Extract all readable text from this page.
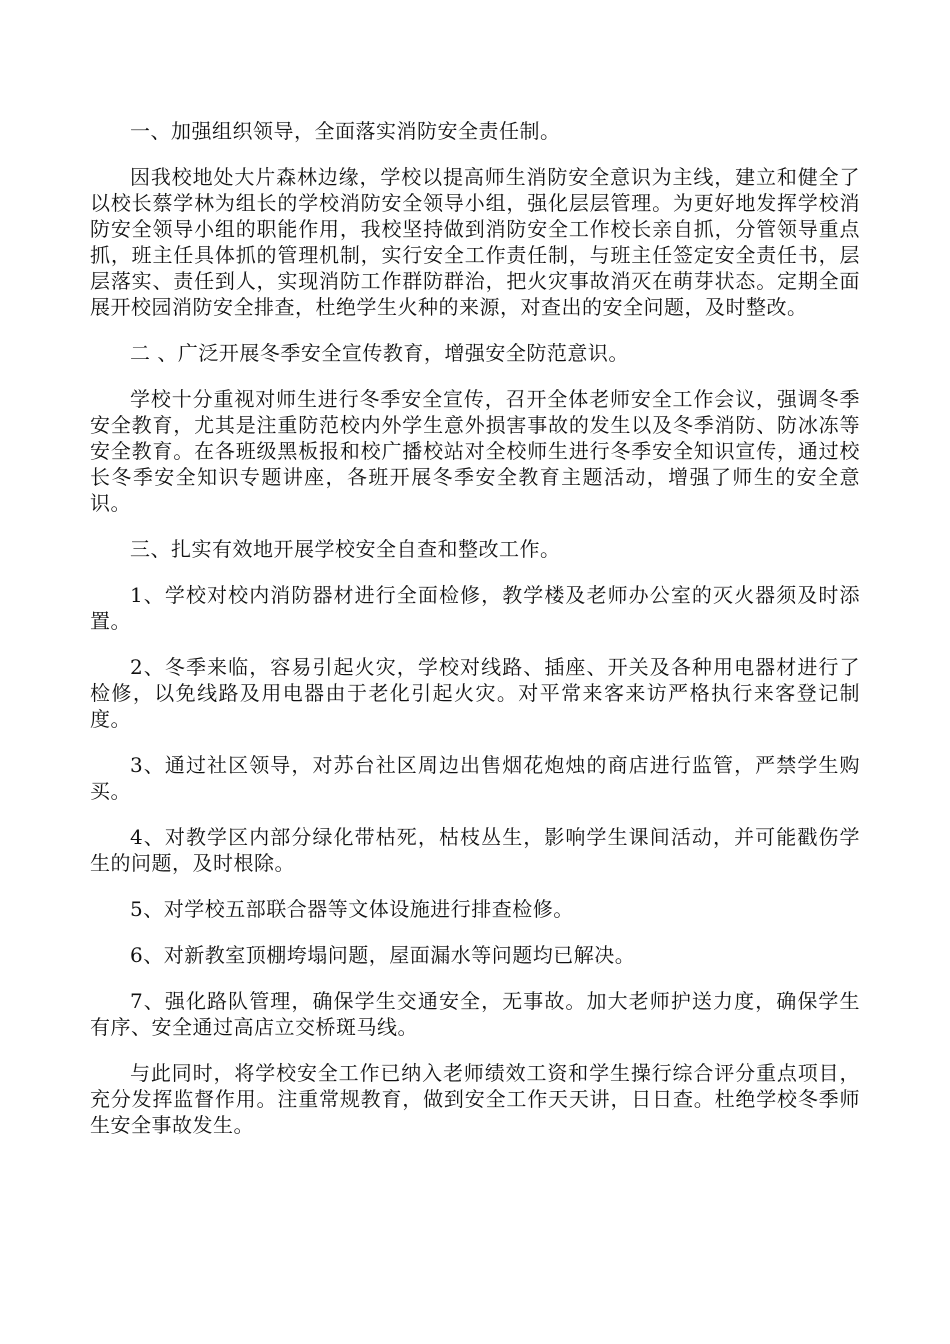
一、加强组织领导，全面落实消防安全责任制。

因我校地处大片森林边缘，学校以提高师生消防安全意识为主线，建立和健全了以校长蔡学林为组长的学校消防安全领导小组，强化层层管理。为更好地发挥学校消防安全领导小组的职能作用，我校坚持做到消防安全工作校长亲自抓，分管领导重点抓，班主任具体抓的管理机制，实行安全工作责任制，与班主任签定安全责任书，层层落实、责任到人，实现消防工作群防群治，把火灾事故消灭在萌芽状态。定期全面展开校园消防安全排查，杜绝学生火种的来源，对查出的安全问题，及时整改。

二 、广泛开展冬季安全宣传教育，增强安全防范意识。

学校十分重视对师生进行冬季安全宣传，召开全体老师安全工作会议，强调冬季安全教育，尤其是注重防范校内外学生意外损害事故的发生以及冬季消防、防冰冻等安全教育。在各班级黑板报和校广播校站对全校师生进行冬季安全知识宣传，通过校长冬季安全知识专题讲座，各班开展冬季安全教育主题活动，增强了师生的安全意识。

三、扎实有效地开展学校安全自查和整改工作。

1、学校对校内消防器材进行全面检修，教学楼及老师办公室的灭火器须及时添置。

2、冬季来临，容易引起火灾，学校对线路、插座、开关及各种用电器材进行了检修，以免线路及用电器由于老化引起火灾。对平常来客来访严格执行来客登记制度。

3、通过社区领导，对苏台社区周边出售烟花炮烛的商店进行监管，严禁学生购买。

4、对教学区内部分绿化带枯死，枯枝丛生，影响学生课间活动，并可能戳伤学生的问题，及时根除。

5、对学校五部联合器等文体设施进行排查检修。

6、对新教室顶棚垮塌问题，屋面漏水等问题均已解决。

7、强化路队管理，确保学生交通安全，无事故。加大老师护送力度，确保学生有序、安全通过高店立交桥斑马线。

与此同时，将学校安全工作已纳入老师绩效工资和学生操行综合评分重点项目，充分发挥监督作用。注重常规教育，做到安全工作天天讲，日日查。杜绝学校冬季师生安全事故发生。
